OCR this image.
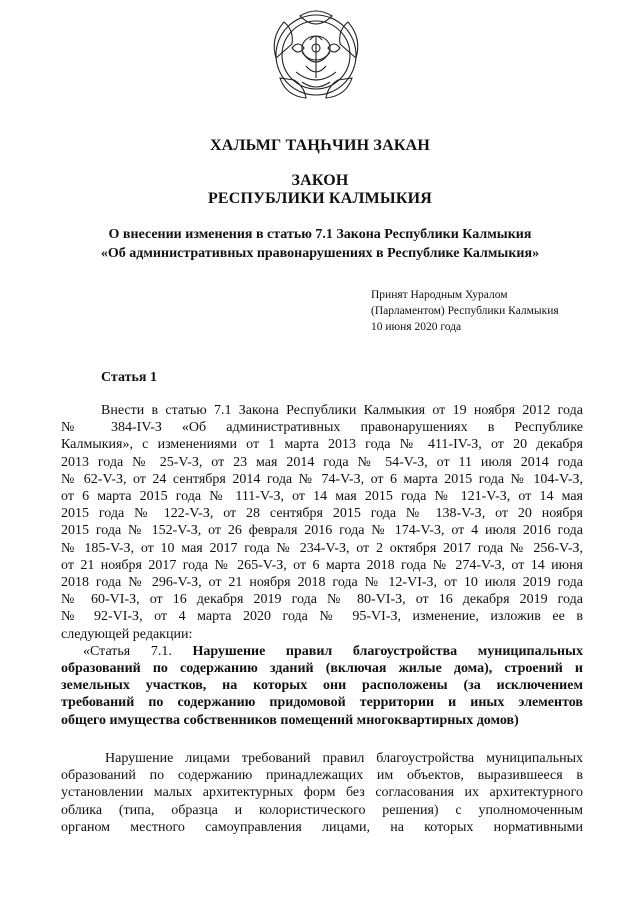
ХАЛЬМГ ТАҢҺЧИН ЗАКАН
ЗАКОН
РЕСПУБЛИКИ КАЛМЫКИЯ
О внесении изменения в статью 7.1 Закона Республики Калмыкия
«Об административных правонарушениях в Республике Калмыкия»
Принят Народным Хуралом
(Парламентом) Республики Калмыкия
10 июня 2020 года
Статья 1
Внести в статью 7.1 Закона Республики Калмыкия от 19 ноября 2012 года
№ 384-IV-З «Об административных правонарушениях в Республике
Калмыкия», с изменениями от 1 марта 2013 года № 411-IV-З, от 20 декабря
2013 года № 25-V-З, от 23 мая 2014 года № 54-V-З, от 11 июля 2014 года
№ 62-V-З, от 24 сентября 2014 года № 74-V-З, от 6 марта 2015 года № 104-V-З,
от 6 марта 2015 года № 111-V-З, от 14 мая 2015 года № 121-V-З, от 14 мая
2015 года № 122-V-З, от 28 сентября 2015 года № 138-V-З, от 20 ноября
2015 года № 152-V-З, от 26 февраля 2016 года № 174-V-З, от 4 июля 2016 года
№ 185-V-З, от 10 мая 2017 года № 234-V-З, от 2 октября 2017 года № 256-V-З,
от 21 ноября 2017 года № 265-V-З, от 6 марта 2018 года № 274-V-З, от 14 июня
2018 года № 296-V-З, от 21 ноября 2018 года № 12-VI-З, от 10 июля 2019 года
№ 60-VI-З, от 16 декабря 2019 года № 80-VI-З, от 16 декабря 2019 года
№ 92-VI-З, от 4 марта 2020 года № 95-VI-З, изменение, изложив ее в
следующей редакции:
«Статья 7.1. Нарушение правил благоустройства муниципальных
образований по содержанию зданий (включая жилые дома), строений и
земельных участков, на которых они расположены (за исключением
требований по содержанию придомовой территории и иных элементов
общего имущества собственников помещений многоквартирных домов)
Нарушение лицами требований правил благоустройства муниципальных
образований по содержанию принадлежащих им объектов, выразившееся в
установлении малых архитектурных форм без согласования их архитектурного
облика (типа, образца и колористического решения) с уполномоченным
органом местного самоуправления лицами, на которых нормативными
